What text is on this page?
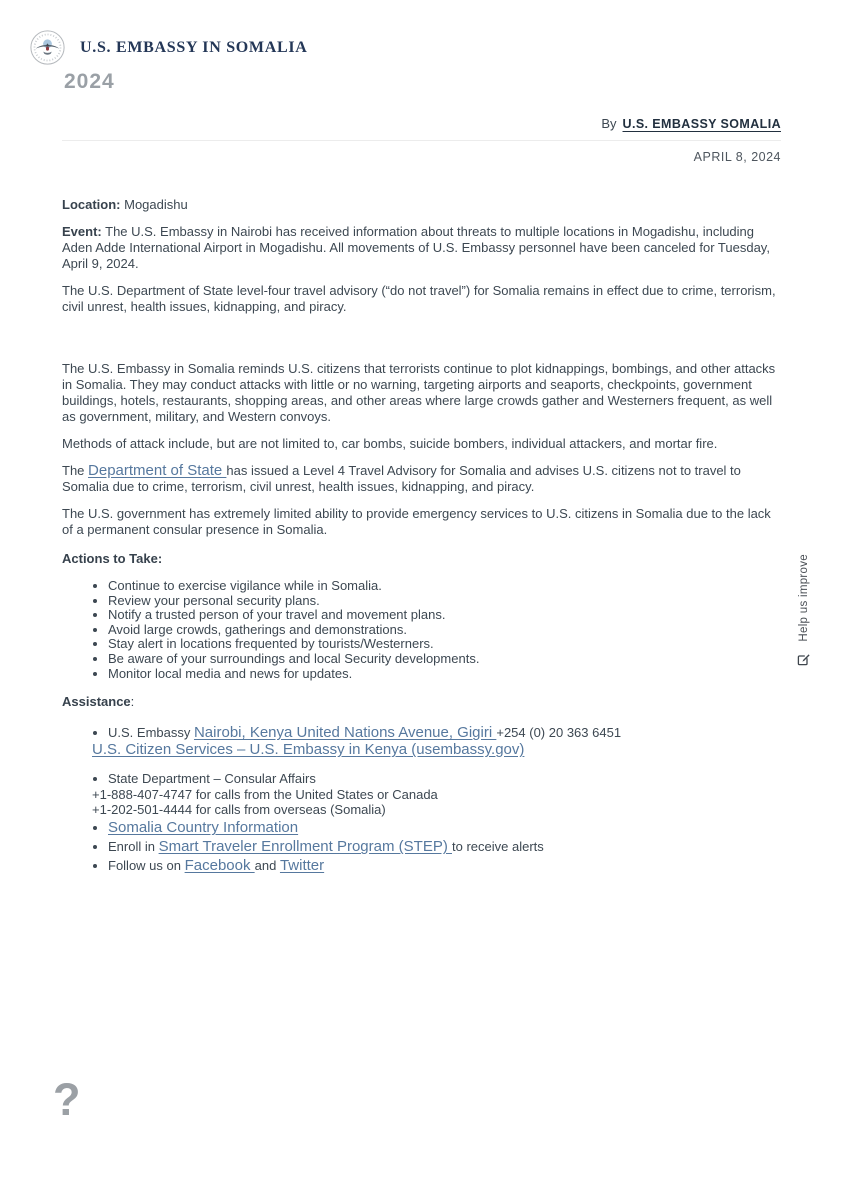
U.S. EMBASSY IN SOMALIA
2024
By U.S. EMBASSY SOMALIA
APRIL 8, 2024

Location: Mogadishu

Event: The U.S. Embassy in Nairobi has received information about threats to multiple locations in Mogadishu, including Aden Adde International Airport in Mogadishu. All movements of U.S. Embassy personnel have been canceled for Tuesday, April 9, 2024.

The U.S. Department of State level-four travel advisory (“do not travel”) for Somalia remains in effect due to crime, terrorism, civil unrest, health issues, kidnapping, and piracy.

The U.S. Embassy in Somalia reminds U.S. citizens that terrorists continue to plot kidnappings, bombings, and other attacks in Somalia. They may conduct attacks with little or no warning, targeting airports and seaports, checkpoints, government buildings, hotels, restaurants, shopping areas, and other areas where large crowds gather and Westerners frequent, as well as government, military, and Western convoys.

Methods of attack include, but are not limited to, car bombs, suicide bombers, individual attackers, and mortar fire.

The Department of State has issued a Level 4 Travel Advisory for Somalia and advises U.S. citizens not to travel to Somalia due to crime, terrorism, civil unrest, health issues, kidnapping, and piracy.

The U.S. government has extremely limited ability to provide emergency services to U.S. citizens in Somalia due to the lack of a permanent consular presence in Somalia.

Actions to Take:

• Continue to exercise vigilance while in Somalia.
• Review your personal security plans.
• Notify a trusted person of your travel and movement plans.
• Avoid large crowds, gatherings and demonstrations.
• Stay alert in locations frequented by tourists/Westerners.
• Be aware of your surroundings and local Security developments.
• Monitor local media and news for updates.

Assistance:

• U.S. Embassy Nairobi, Kenya United Nations Avenue, Gigiri +254 (0) 20 363 6451
U.S. Citizen Services – U.S. Embassy in Kenya (usembassy.gov)
• State Department – Consular Affairs
+1-888-407-4747 for calls from the United States or Canada
+1-202-501-4444 for calls from overseas (Somalia)
• Somalia Country Information
• Enroll in Smart Traveler Enrollment Program (STEP) to receive alerts
• Follow us on Facebook and Twitter
Help us improve
?
